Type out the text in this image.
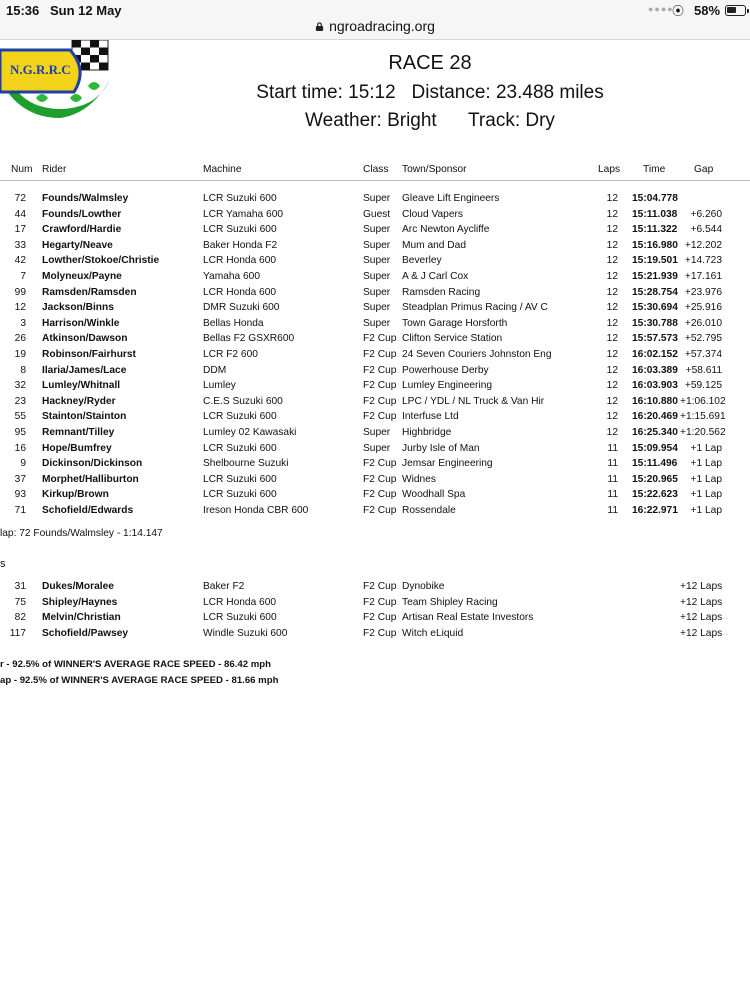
15:36 Sun 12 May	●●●●
⦿ 58%
ngroadracing.org

N.G.R.R.C	RACE 28
Start time: 15:12   Distance: 23.488 miles
Weather: Bright      Track: Dry
Num Rider	Machine	Class Town/Sponsor	Laps Time	Gap
72 Founds/Walmsley	LCR Suzuki 600	Super Gleave Lift Engineers	12 15:04.778
44 Founds/Lowther	LCR Yamaha 600	Guest Cloud Vapers	12 15:11.038	+6.260
17 Crawford/Hardie	LCR Suzuki 600	Super Arc Newton Aycliffe	12 15:11.322	+6.544
33 Hegarty/Neave	Baker Honda F2	Super Mum and Dad	12 15:16.980 +12.202
42 Lowther/Stokoe/Christie	LCR Honda 600	Super Beverley	12 15:19.501 +14.723
7 Molyneux/Payne	Yamaha 600	Super A & J Carl Cox	12 15:21.939 +17.161
99 Ramsden/Ramsden	LCR Honda 600	Super Ramsden Racing	12 15:28.754 +23.976
12 Jackson/Binns	DMR Suzuki 600	Super Steadplan Primus Racing / AV C	12 15:30.694 +25.916
3 Harrison/Winkle	Bellas Honda	Super Town Garage Horsforth	12 15:30.788 +26.010
26 Atkinson/Dawson	Bellas F2 GSXR600	F2 Cup Clifton Service Station	12 15:57.573 +52.795
19 Robinson/Fairhurst	LCR F2 600	F2 Cup 24 Seven Couriers Johnston Eng	12 16:02.152 +57.374
8 Ilaria/James/Lace	DDM	F2 Cup Powerhouse Derby	12 16:03.389 +58.611
32 Lumley/Whitnall	Lumley	F2 Cup Lumley Engineering	12 16:03.903 +59.125
23 Hackney/Ryder	C.E.S Suzuki 600	F2 Cup LPC / YDL / NL Truck & Van Hir	12 16:10.880 +1:06.102
55 Stainton/Stainton	LCR Suzuki 600	F2 Cup Interfuse Ltd	12 16:20.469 +1:15.691
95 Remnant/Tilley	Lumley 02 Kawasaki	Super Highbridge	12 16:25.340 +1:20.562
16 Hope/Bumfrey	LCR Suzuki 600	Super Jurby Isle of Man	11 15:09.954	+1 Lap
9 Dickinson/Dickinson	Shelbourne Suzuki	F2 Cup Jemsar Engineering	11 15:11.496	+1 Lap
37 Morphet/Halliburton	LCR Suzuki 600	F2 Cup Widnes	11 15:20.965	+1 Lap
93 Kirkup/Brown	LCR Suzuki 600	F2 Cup Woodhall Spa	11 15:22.623	+1 Lap
71 Schofield/Edwards	Ireson Honda CBR 600	F2 Cup Rossendale	11 16:22.971	+1 Lap
lap: 72 Founds/Walmsley - 1:14.147
s
31 Dukes/Moralee	Baker F2	F2 Cup Dynobike	+12 Laps
75 Shipley/Haynes	LCR Honda 600	F2 Cup Team Shipley Racing	+12 Laps
82 Melvin/Christian	LCR Suzuki 600	F2 Cup Artisan Real Estate Investors	+12 Laps
117 Schofield/Pawsey	Windle Suzuki 600	F2 Cup Witch eLiquid	+12 Laps
r - 92.5% of WINNER'S AVERAGE RACE SPEED - 86.42 mph
ap - 92.5% of WINNER'S AVERAGE RACE SPEED - 81.66 mph
